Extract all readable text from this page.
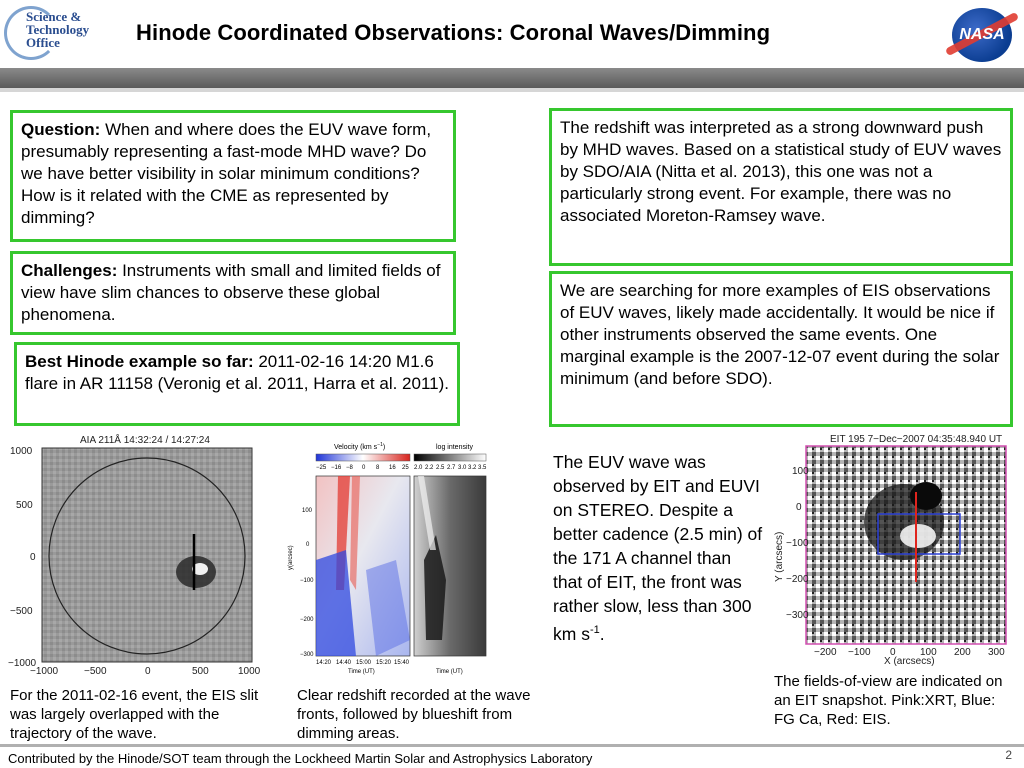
Science & Technology Office	Hinode Coordinated Observations: Coronal Waves/Dimming	NASA
Question: When and where does the EUV wave form, presumably representing a fast-mode MHD wave? Do we have better visibility in solar minimum conditions? How is it related with the CME as represented by dimming?
Challenges: Instruments with small and limited fields of view have slim chances to observe these global phenomena.
Best Hinode example so far: 2011-02-16 14:20 M1.6 flare in AR 11158 (Veronig et al. 2011, Harra et al. 2011).
The redshift was interpreted as a strong downward push by MHD waves. Based on a statistical study of EUV waves by SDO/AIA (Nitta et al. 2013), this one was not a particularly strong event. For example, there was no associated Moreton-Ramsey wave.
We are searching for more examples of EIS observations of EUV waves, likely made accidentally. It would be nice if other instruments observed the same events. One marginal example is the 2007-12-07 event during the solar minimum (and before SDO).
AIA 211Å 14:32:24 / 14:27:24
1000
500
0
−500
−1000
−1000	−500	0	500	1000
Velocity (km $s^{-1}$)	log intensity
−25 −16 −8 0 8 16 25 2.0 2.2 2.5 2.7 3.0 3.2 3.5
y(arcsec)
100
0
−100
−200
−300
14:20 14:40 15:00 15:20 15:40
Time (UT)	Time (UT)
The EUV wave was observed by EIT and EUVI on STEREO. Despite a better cadence (2.5 min) of the 171 A channel than that of EIT, the front was rather slow, less than 300 km $s^{-1}$.
EIT 195 7−Dec−2007 04:35:48.940 UT
Y (arcsecs)
100
0
−100
−200
−300
−200 −100 0 100 200 300
X (arcsecs)
For the 2011-02-16 event, the EIS slit was largely overlapped with the trajectory of the wave.
Clear redshift recorded at the wave fronts, followed by blueshift from dimming areas.
The fields-of-view are indicated on an EIT snapshot. Pink:XRT, Blue: FG Ca, Red: EIS.
Contributed by the Hinode/SOT team through the Lockheed Martin Solar and Astrophysics Laboratory	2
